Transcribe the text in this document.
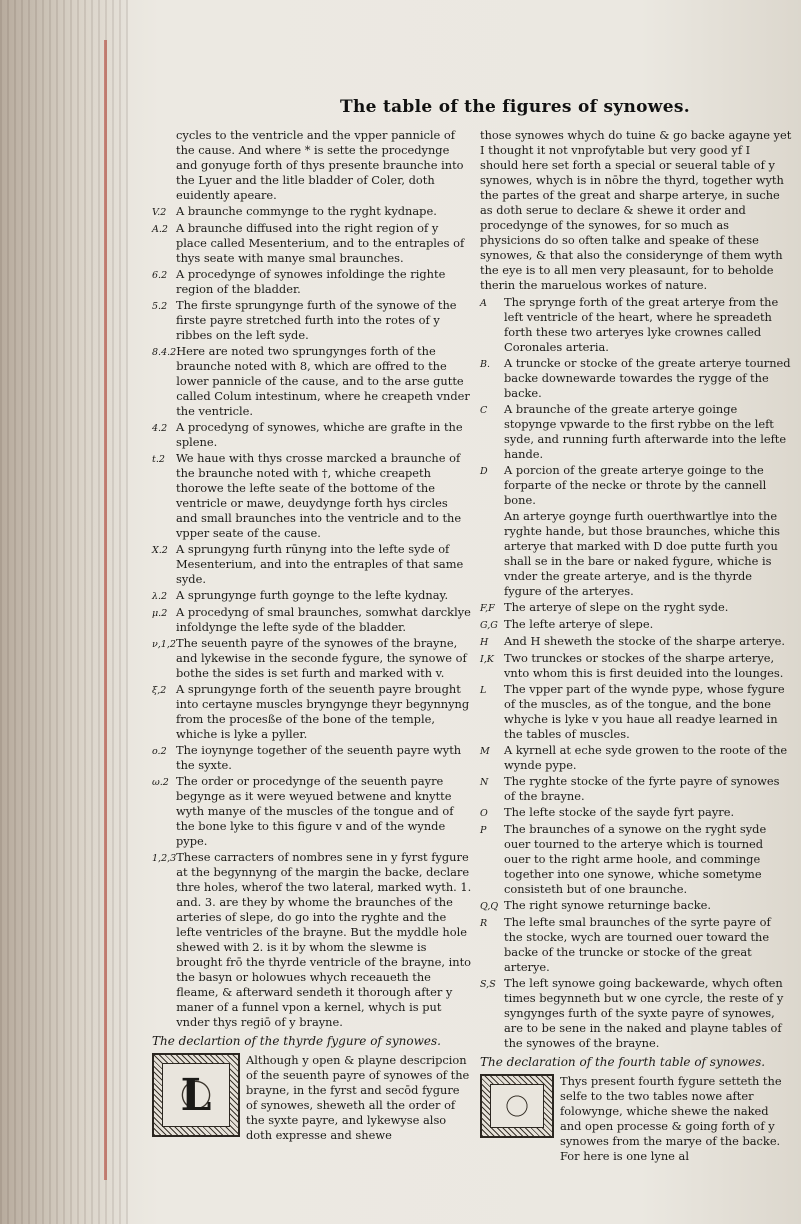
The table of the figures of synowes.
cycles to the ventricle and the vpper pannicle of the cause. And where * is sette the procedynge and gonyuge forth of thys presente braunche into the Lyuer and the litle bladder of Coler, doth euidently apeare.
V.2 A braunche commynge to the ryght kydnape.
A.2 A braunche diffused into the right region of y place called Mesenterium, and to the entraples of thys seate with manye smal braunches.
6.2 A procedynge of synowes infoldinge the righte region of the bladder.
5.2 The firste sprungynge furth of the synowe of the firste payre stretched furth into the rotes of y ribbes on the left syde.
8.4.2 Here are noted two sprungynges forth of the braunche noted with 8, which are offred to the lower pannicle of the cause, and to the arse gutte called Colum intestinum, where he creapeth vnder the ventricle.
4.2 A procedyng of synowes, whiche are grafte in the splene.
t.2 We haue with thys crosse marcked a braunche of the braunche noted with †, whiche creapeth thorowe the lefte seate of the bottome of the ventricle or mawe, deuydynge forth hys circles and small braunches into the ventricle and to the vpper seate of the cause.
X.2 A sprungyng furth rūnyng into the lefte syde of Mesenterium, and into the entraples of that same syde.
λ.2 A sprungynge furth goynge to the lefte kydnay.
μ.2 A procedyng of smal braunches, somwhat darcklye infoldynge the lefte syde of the bladder.
ν,1,2 The seuenth payre of the synowes of the brayne, and lykewise in the seconde fygure, the synowe of bothe the sides is set furth and marked with v.
ξ,2 A sprungynge forth of the seuenth payre brought into certayne muscles bryngynge theyr begynnyng from the procesße of the bone of the temple, whiche is lyke a pyller.
o.2 The ioynynge together of the seuenth payre wyth the syxte.
ω.2 The order or procedynge of the seuenth payre begynge as it were weyued betwene and knytte wyth manye of the muscles of the tongue and of the bone lyke to this figure v and of the wynde pype.
1,2,3 These carracters of nombres sene in y fyrst fygure at the begynnyng of the margin the backe, declare thre holes, wherof the two lateral, marked wyth. 1. and. 3. are they by whome the braunches of the arteries of slepe, do go into the ryghte and the lefte ventricles of the brayne. But the myddle hole shewed with 2. is it by whom the slewme is brought frō the thyrde ventricle of the brayne, into the basyn or holowues whych receaueth the fleame, & afterward sendeth it thorough after y maner of a funnel vpon a kernel, whych is put vnder thys regiō of y brayne.
The declartion of the thyrde fygure of synowes.
L
Although y open & playne descripcion of the seuenth payre of synowes of the brayne, in the fyrst and secōd fygure of synowes, sheweth all the order of the syxte payre, and lykewyse also doth expresse and shewe
those synowes whych do tuine & go backe agayne yet I thought it not vnprofytable but very good yf I should here set forth a special or seueral table of y synowes, whych is in nōbre the thyrd, together wyth the partes of the great and sharpe arterye, in suche as doth serue to declare & shewe it order and procedynge of the synowes, for so much as physicions do so often talke and speake of these synowes, & that also the considerynge of them wyth the eye is to all men very pleasaunt, for to beholde therin the maruelous workes of nature.
A	The sprynge forth of the great arterye from the left ventricle of the heart, where he spreadeth forth these two arteryes lyke crownes called Coronales arteria.
B.	A truncke or stocke of the greate arterye tourned backe downewarde towardes the rygge of the backe.
C	A braunche of the greate arterye goinge stopynge vpwarde to the first rybbe on the left syde, and running furth afterwarde into the lefte hande.
D	A porcion of the greate arterye goinge to the forparte of the necke or throte by the cannell bone.
An arterye goynge furth ouerthwartlye into the ryghte hande, but those braunches, whiche this arterye that marked with D doe putte furth you shall se in the bare or naked fygure, whiche is vnder the greate arterye, and is the thyrde fygure of the arteryes.
F,F The arterye of slepe on the ryght syde.
G,G The lefte arterye of slepe.
H	And H sheweth the stocke of the sharpe arterye.
I,K Two trunckes or stockes of the sharpe arterye, vnto whom this is first deuided into the lounges.
L	The vpper part of the wynde pype, whose fygure of the muscles, as of the tongue, and the bone whyche is lyke v you haue all readye learned in the tables of muscles.
M	A kyrnell at eche syde growen to the roote of the wynde pype.
N	The ryghte stocke of the fyrte payre of synowes of the brayne.
O	The lefte stocke of the sayde fyrt payre.
P	The braunches of a synowe on the ryght syde ouer tourned to the arterye which is tourned ouer to the right arme hoole, and comminge together into one synowe, whiche sometyme consisteth but of one braunche.
Q,Q The right synowe returninge backe.
R	The lefte smal braunches of the syrte payre of the stocke, wych are tourned ouer toward the backe of the truncke or stocke of the great arterye.
S,S The left synowe going backewarde, whych often times begynneth but w one cyrcle, the reste of y syngynges furth of the syxte payre of synowes, are to be sene in the naked and playne tables of the synowes of the brayne.
The declaration of the fourth table of synowes.
Thys present fourth fygure setteth the selfe to the two tables nowe after folowynge, whiche shewe the naked and open processe & going forth of y synowes from the marye of the backe. For here is one lyne al
